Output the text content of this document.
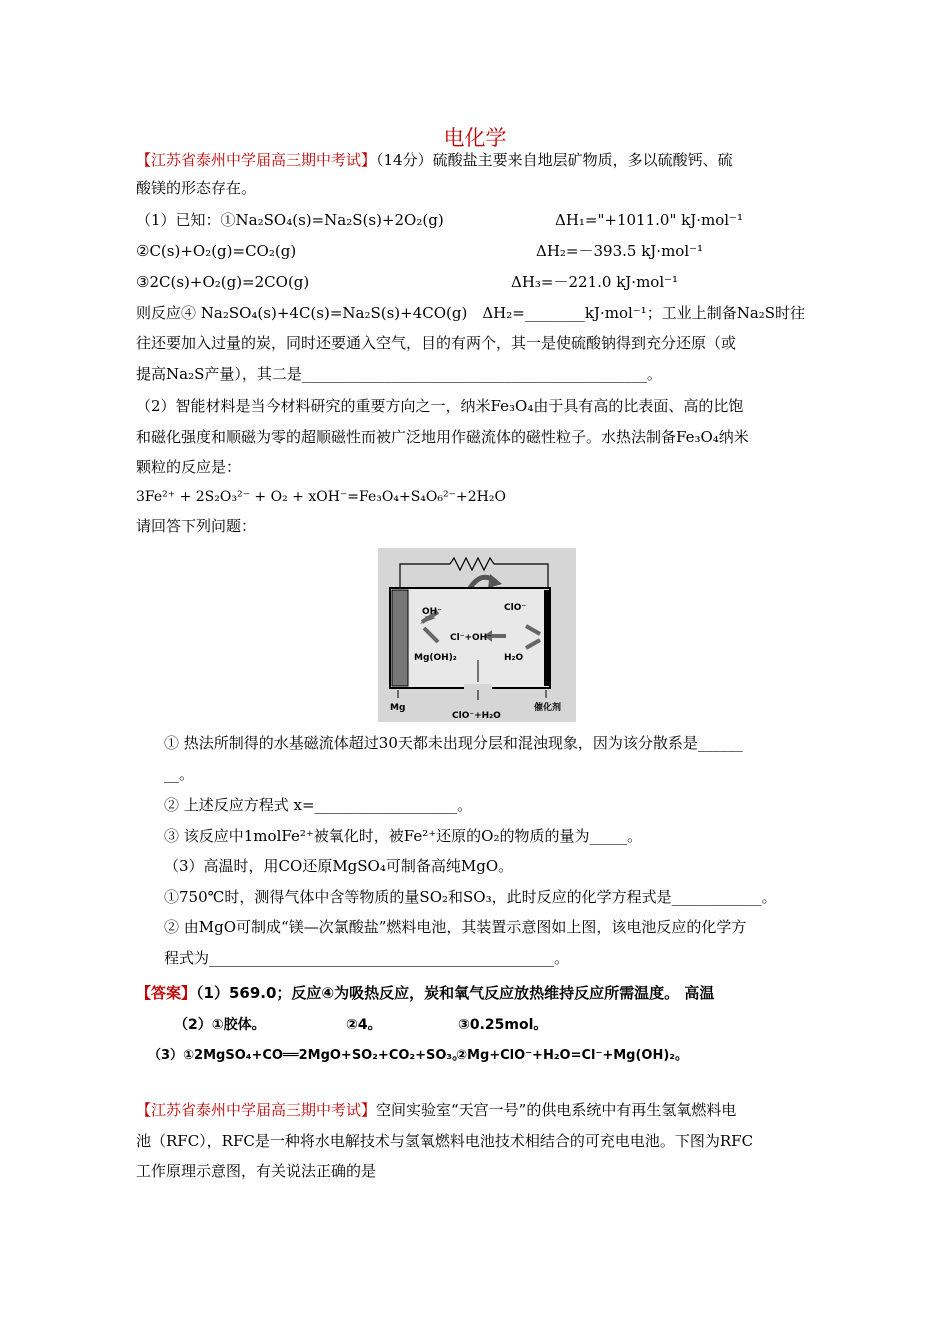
电化学
【江苏省泰州中学届高三期中考试】（14分）硫酸盐主要来自地层矿物质，多以硫酸钙、硫
酸镁的形态存在。
（1）已知：①Na₂SO₄(s)=Na₂S(s)+2O₂(g)	ΔH₁="+1011.0" kJ·mol⁻¹
②C(s)+O₂(g)=CO₂(g)	ΔH₂=－393.5 kJ·mol⁻¹
③2C(s)+O₂(g)=2CO(g)	ΔH₃=－221.0 kJ·mol⁻¹
则反应④ Na₂SO₄(s)+4C(s)=Na₂S(s)+4CO(g)　ΔH₂=________kJ·mol⁻¹；工业上制备Na₂S时往
往还要加入过量的炭，同时还要通入空气，目的有两个，其一是使硫酸钠得到充分还原（或
提高Na₂S产量），其二是______________________________________________。
（2）智能材料是当今材料研究的重要方向之一，纳米Fe₃O₄由于具有高的比表面、高的比饱
和磁化强度和顺磁为零的超顺磁性而被广泛地用作磁流体的磁性粒子。水热法制备Fe₃O₄纳米
颗粒的反应是：
3Fe²⁺ + 2S₂O₃²⁻ + O₂ + xOH⁻=Fe₃O₄+S₄O₆²⁻+2H₂O
请回答下列问题：
OH⁻	ClO⁻
Cl⁻+OH⁻
Mg(OH)₂	H₂O
Mg
ClO⁻+H₂O
催化剂
① 热法所制得的水基磁流体超过30天都未出现分层和混浊现象，因为该分散系是______
__。
② 上述反应方程式 x=___________________。
③ 该反应中1molFe²⁺被氧化时，被Fe²⁺还原的O₂的物质的量为_____。
（3）高温时，用CO还原MgSO₄可制备高纯MgO。
①750℃时，测得气体中含等物质的量SO₂和SO₃，此时反应的化学方程式是____________。
② 由MgO可制成“镁—次氯酸盐”燃料电池，其装置示意图如上图，该电池反应的化学方
程式为______________________________________________。
【答案】（1）569.0；反应④为吸热反应，炭和氧气反应放热维持反应所需温度。 高温
（2）①胶体。	②4。	③0.25mol。
（3）①2MgSO₄+CO══2MgO+SO₂+CO₂+SO₃。
②Mg+ClO⁻+H₂O=Cl⁻+Mg(OH)₂。
【江苏省泰州中学届高三期中考试】空间实验室“天宫一号”的供电系统中有再生氢氧燃料电
池（RFC），RFC是一种将水电解技术与氢氧燃料电池技术相结合的可充电电池。下图为RFC
工作原理示意图，有关说法正确的是
